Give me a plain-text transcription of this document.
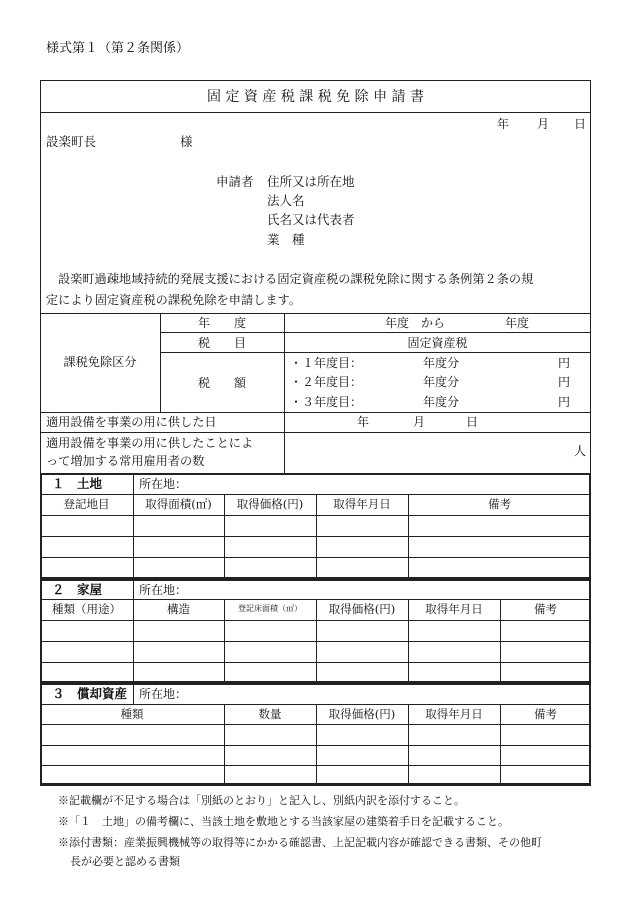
様式第１（第２条関係）
固 定 資 産 税 課 税 免 除 申 請 書
年 月 日
設楽町長	様
申請者 住所又は所在地
法人名
氏名又は代表者
業　種
設楽町過疎地域持続的発展支援における固定資産税の課税免除に関する条例第２条の規
定により固定資産税の課税免除を申請します。
課税免除区分
年　　度	年度　から	年度
税　　目	固定資産税
税　　額
・１年度目：	年度分	円
・２年度目：	年度分	円
・３年度目：	年度分	円
適用設備を事業の用に供した日	年	月	日
適用設備を事業の用に供したことによ
って増加する常用雇用者の数
人
１　土地	所在地：
登記地目	取得面積(㎡)	取得価格(円)	取得年月日	備考
２　家屋	所在地：
種類（用途）	構造	登記床面積（㎡）	取得価格(円)	取得年月日	備考
３　償却資産 所在地：
種類	数量	取得価格(円)	取得年月日	備考
※記載欄が不足する場合は「別紙のとおり」と記入し、別紙内訳を添付すること。
※「１　土地」の備考欄に、当該土地を敷地とする当該家屋の建築着手日を記載すること。
※添付書類：産業振興機械等の取得等にかかる確認書、上記記載内容が確認できる書類、その他町
長が必要と認める書類
